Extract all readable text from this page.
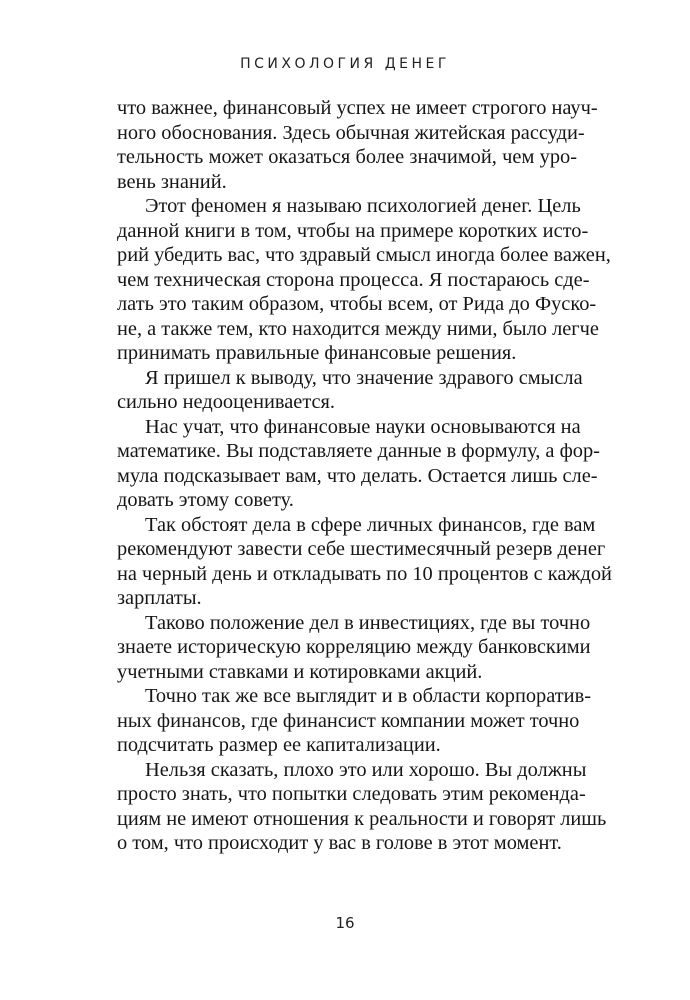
ПСИХОЛОГИЯ ДЕНЕГ
что важнее, финансовый успех не имеет строгого науч-
ного обоснования. Здесь обычная житейская рассуди-
тельность может оказаться более значимой, чем уро-
вень знаний.
Этот феномен я называю психологией денег. Цель
данной книги в том, чтобы на примере коротких исто-
рий убедить вас, что здравый смысл иногда более важен,
чем техническая сторона процесса. Я постараюсь сде-
лать это таким образом, чтобы всем, от Рида до Фуско-
не, а также тем, кто находится между ними, было легче
принимать правильные финансовые решения.
Я пришел к выводу, что значение здравого смысла
сильно недооценивается.
Нас учат, что финансовые науки основываются на
математике. Вы подставляете данные в формулу, а фор-
мула подсказывает вам, что делать. Остается лишь сле-
довать этому совету.
Так обстоят дела в сфере личных финансов, где вам
рекомендуют завести себе шестимесячный резерв денег
на черный день и откладывать по 10 процентов с каждой
зарплаты.
Таково положение дел в инвестициях, где вы точно
знаете историческую корреляцию между банковскими
учетными ставками и котировками акций.
Точно так же все выглядит и в области корпоратив-
ных финансов, где финансист компании может точно
подсчитать размер ее капитализации.
Нельзя сказать, плохо это или хорошо. Вы должны
просто знать, что попытки следовать этим рекоменда-
циям не имеют отношения к реальности и говорят лишь
о том, что происходит у вас в голове в этот момент.
16
